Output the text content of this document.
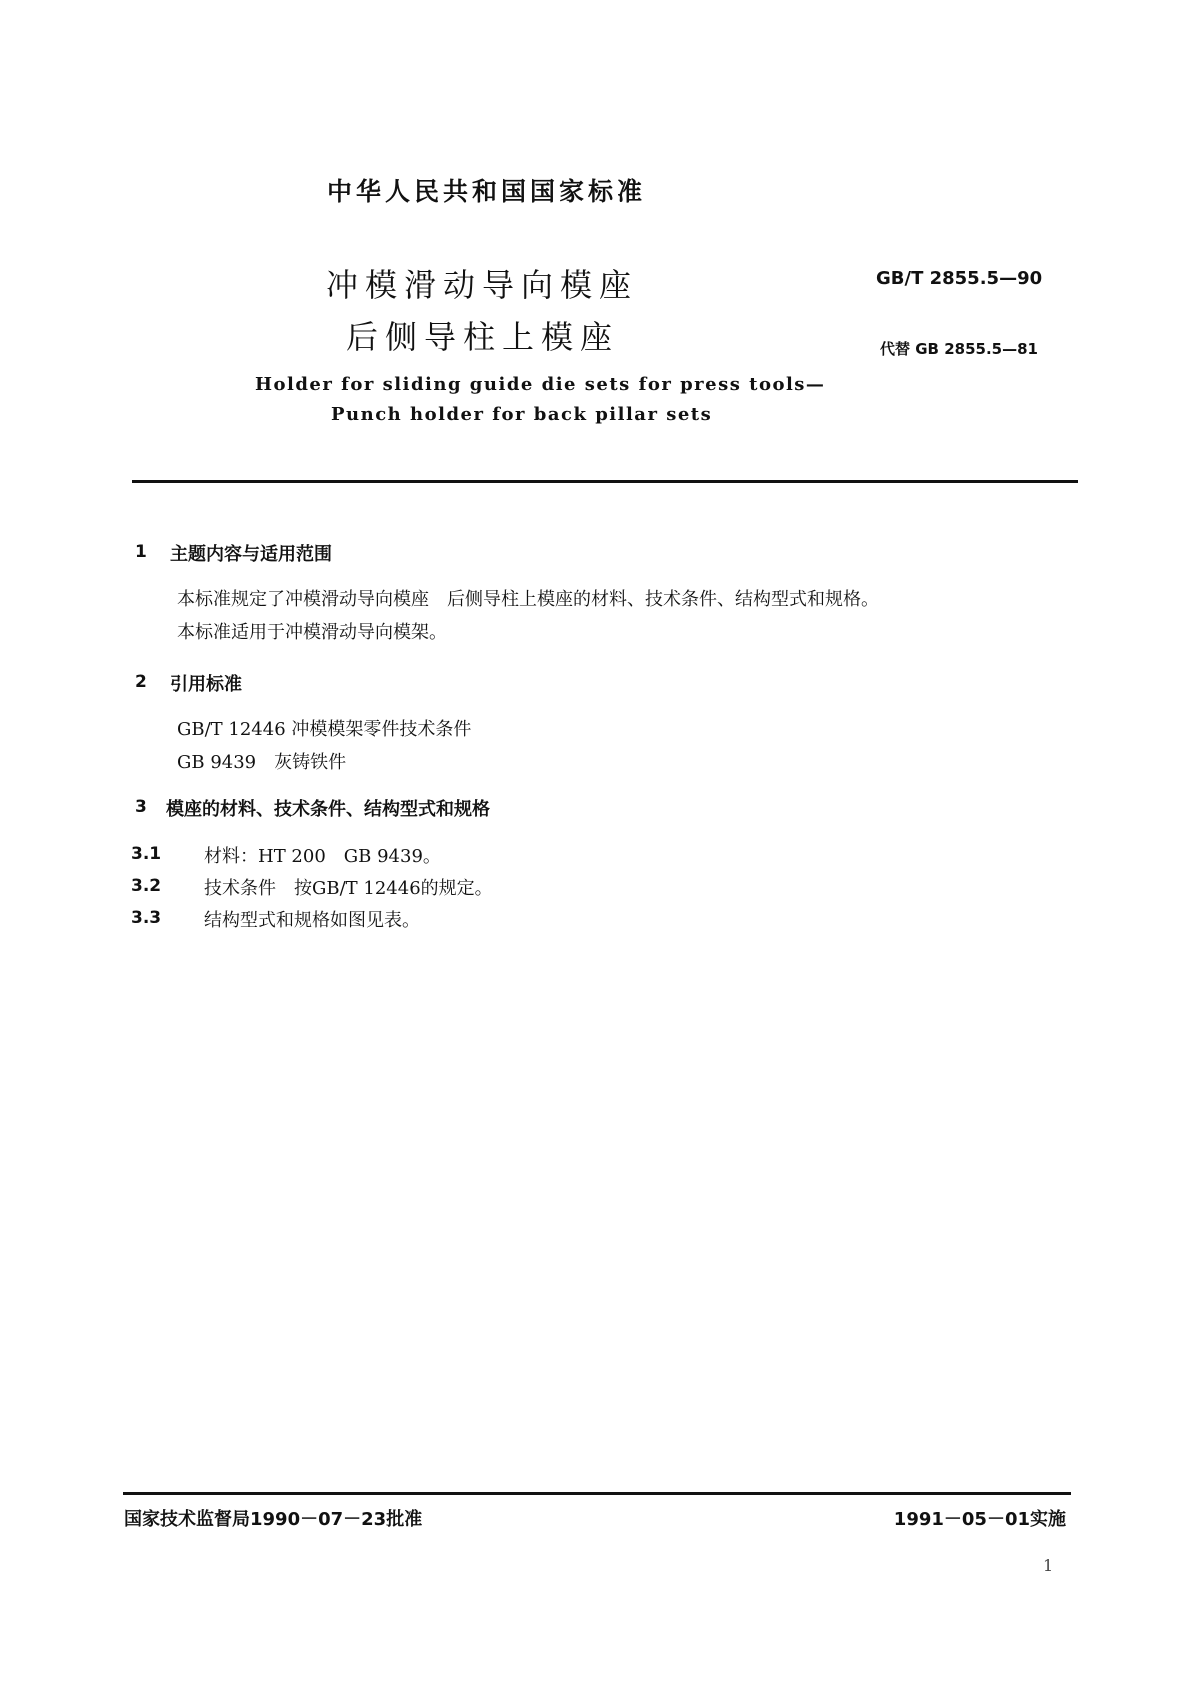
中华人民共和国国家标准
冲模滑动导向模座
后侧导柱上模座
GB/T 2855.5—90
代替 GB 2855.5—81
Holder for sliding guide die sets for press tools—
Punch holder for back pillar sets
1 主题内容与适用范围
本标准规定了冲模滑动导向模座　后侧导柱上模座的材料、技术条件、结构型式和规格。
本标准适用于冲模滑动导向模架。
2 引用标准
GB/T 12446 冲模模架零件技术条件
GB 9439　灰铸铁件
3 模座的材料、技术条件、结构型式和规格
3.1 材料：HT 200　GB 9439。
3.2 技术条件　按GB/T 12446的规定。
3.3 结构型式和规格如图见表。
国家技术监督局1990－07－23批准	1991－05－01实施
1
